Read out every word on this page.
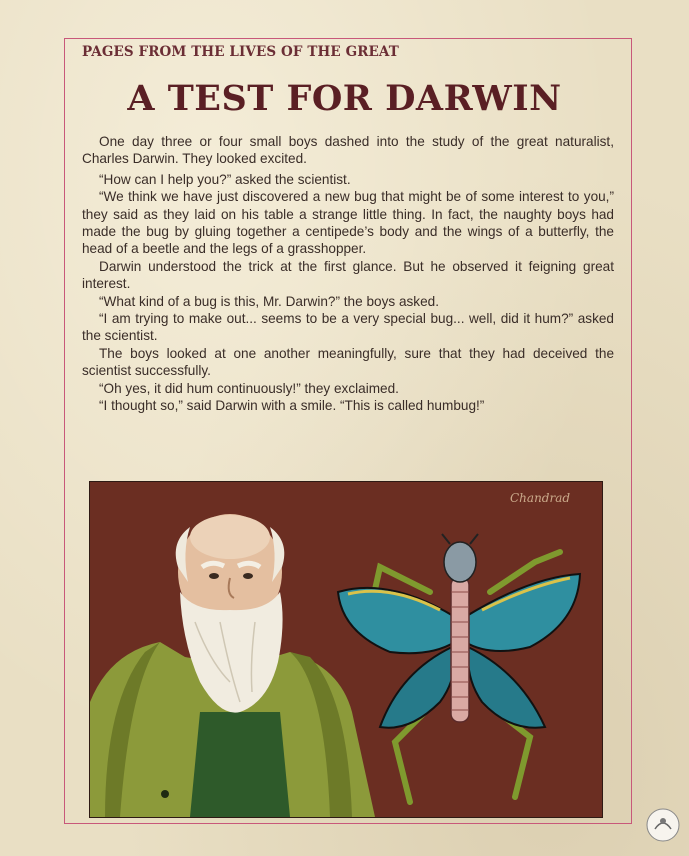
PAGES FROM THE LIVES OF THE GREAT
A TEST FOR DARWIN

One day three or four small boys dashed into the study of the great naturalist, Charles Darwin. They looked excited.

“How can I help you?” asked the scientist.

“We think we have just discovered a new bug that might be of some interest to you,” they said as they laid on his table a strange little thing. In fact, the naughty boys had made the bug by gluing together a centipede’s body and the wings of a butterfly, the head of a beetle and the legs of a grasshopper.

Darwin understood the trick at the first glance. But he observed it feigning great interest.

“What kind of a bug is this, Mr. Darwin?” the boys asked.

“I am trying to make out... seems to be a very special bug... well, did it hum?” asked the scientist.

The boys looked at one another meaningfully, sure that they had deceived the scientist successfully.

“Oh yes, it did hum continuously!” they exclaimed.

“I thought so,” said Darwin with a smile. “This is called humbug!”

Chandrad
